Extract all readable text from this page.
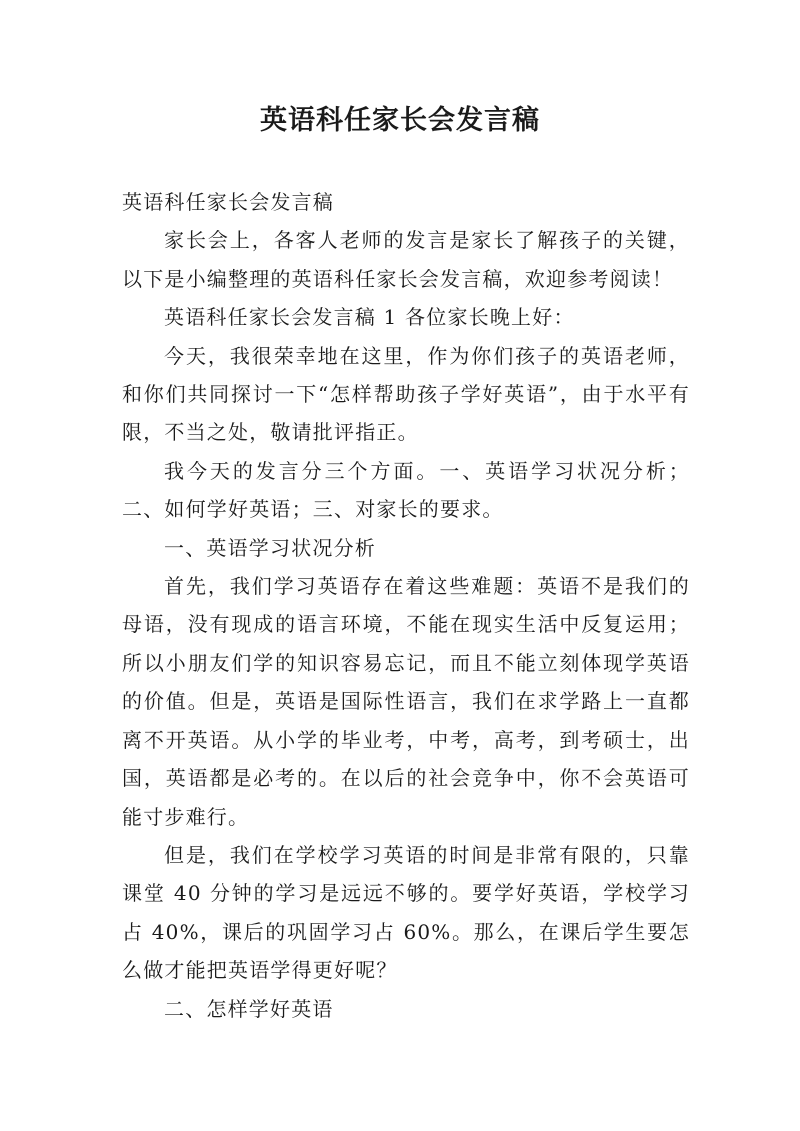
英语科任家长会发言稿

英语科任家长会发言稿

家长会上，各客人老师的发言是家长了解孩子的关键，以下是小编整理的英语科任家长会发言稿，欢迎参考阅读！

英语科任家长会发言稿 1 各位家长晚上好：

今天，我很荣幸地在这里，作为你们孩子的英语老师，和你们共同探讨一下“怎样帮助孩子学好英语”，由于水平有限，不当之处，敬请批评指正。

我今天的发言分三个方面。一、英语学习状况分析；二、如何学好英语；三、对家长的要求。

一、英语学习状况分析

首先，我们学习英语存在着这些难题：英语不是我们的母语，没有现成的语言环境，不能在现实生活中反复运用；所以小朋友们学的知识容易忘记，而且不能立刻体现学英语的价值。但是，英语是国际性语言，我们在求学路上一直都离不开英语。从小学的毕业考，中考，高考，到考硕士，出国，英语都是必考的。在以后的社会竞争中，你不会英语可能寸步难行。

但是，我们在学校学习英语的时间是非常有限的，只靠课堂 40 分钟的学习是远远不够的。要学好英语，学校学习占 40%，课后的巩固学习占 60%。那么，在课后学生要怎么做才能把英语学得更好呢？

二、怎样学好英语
